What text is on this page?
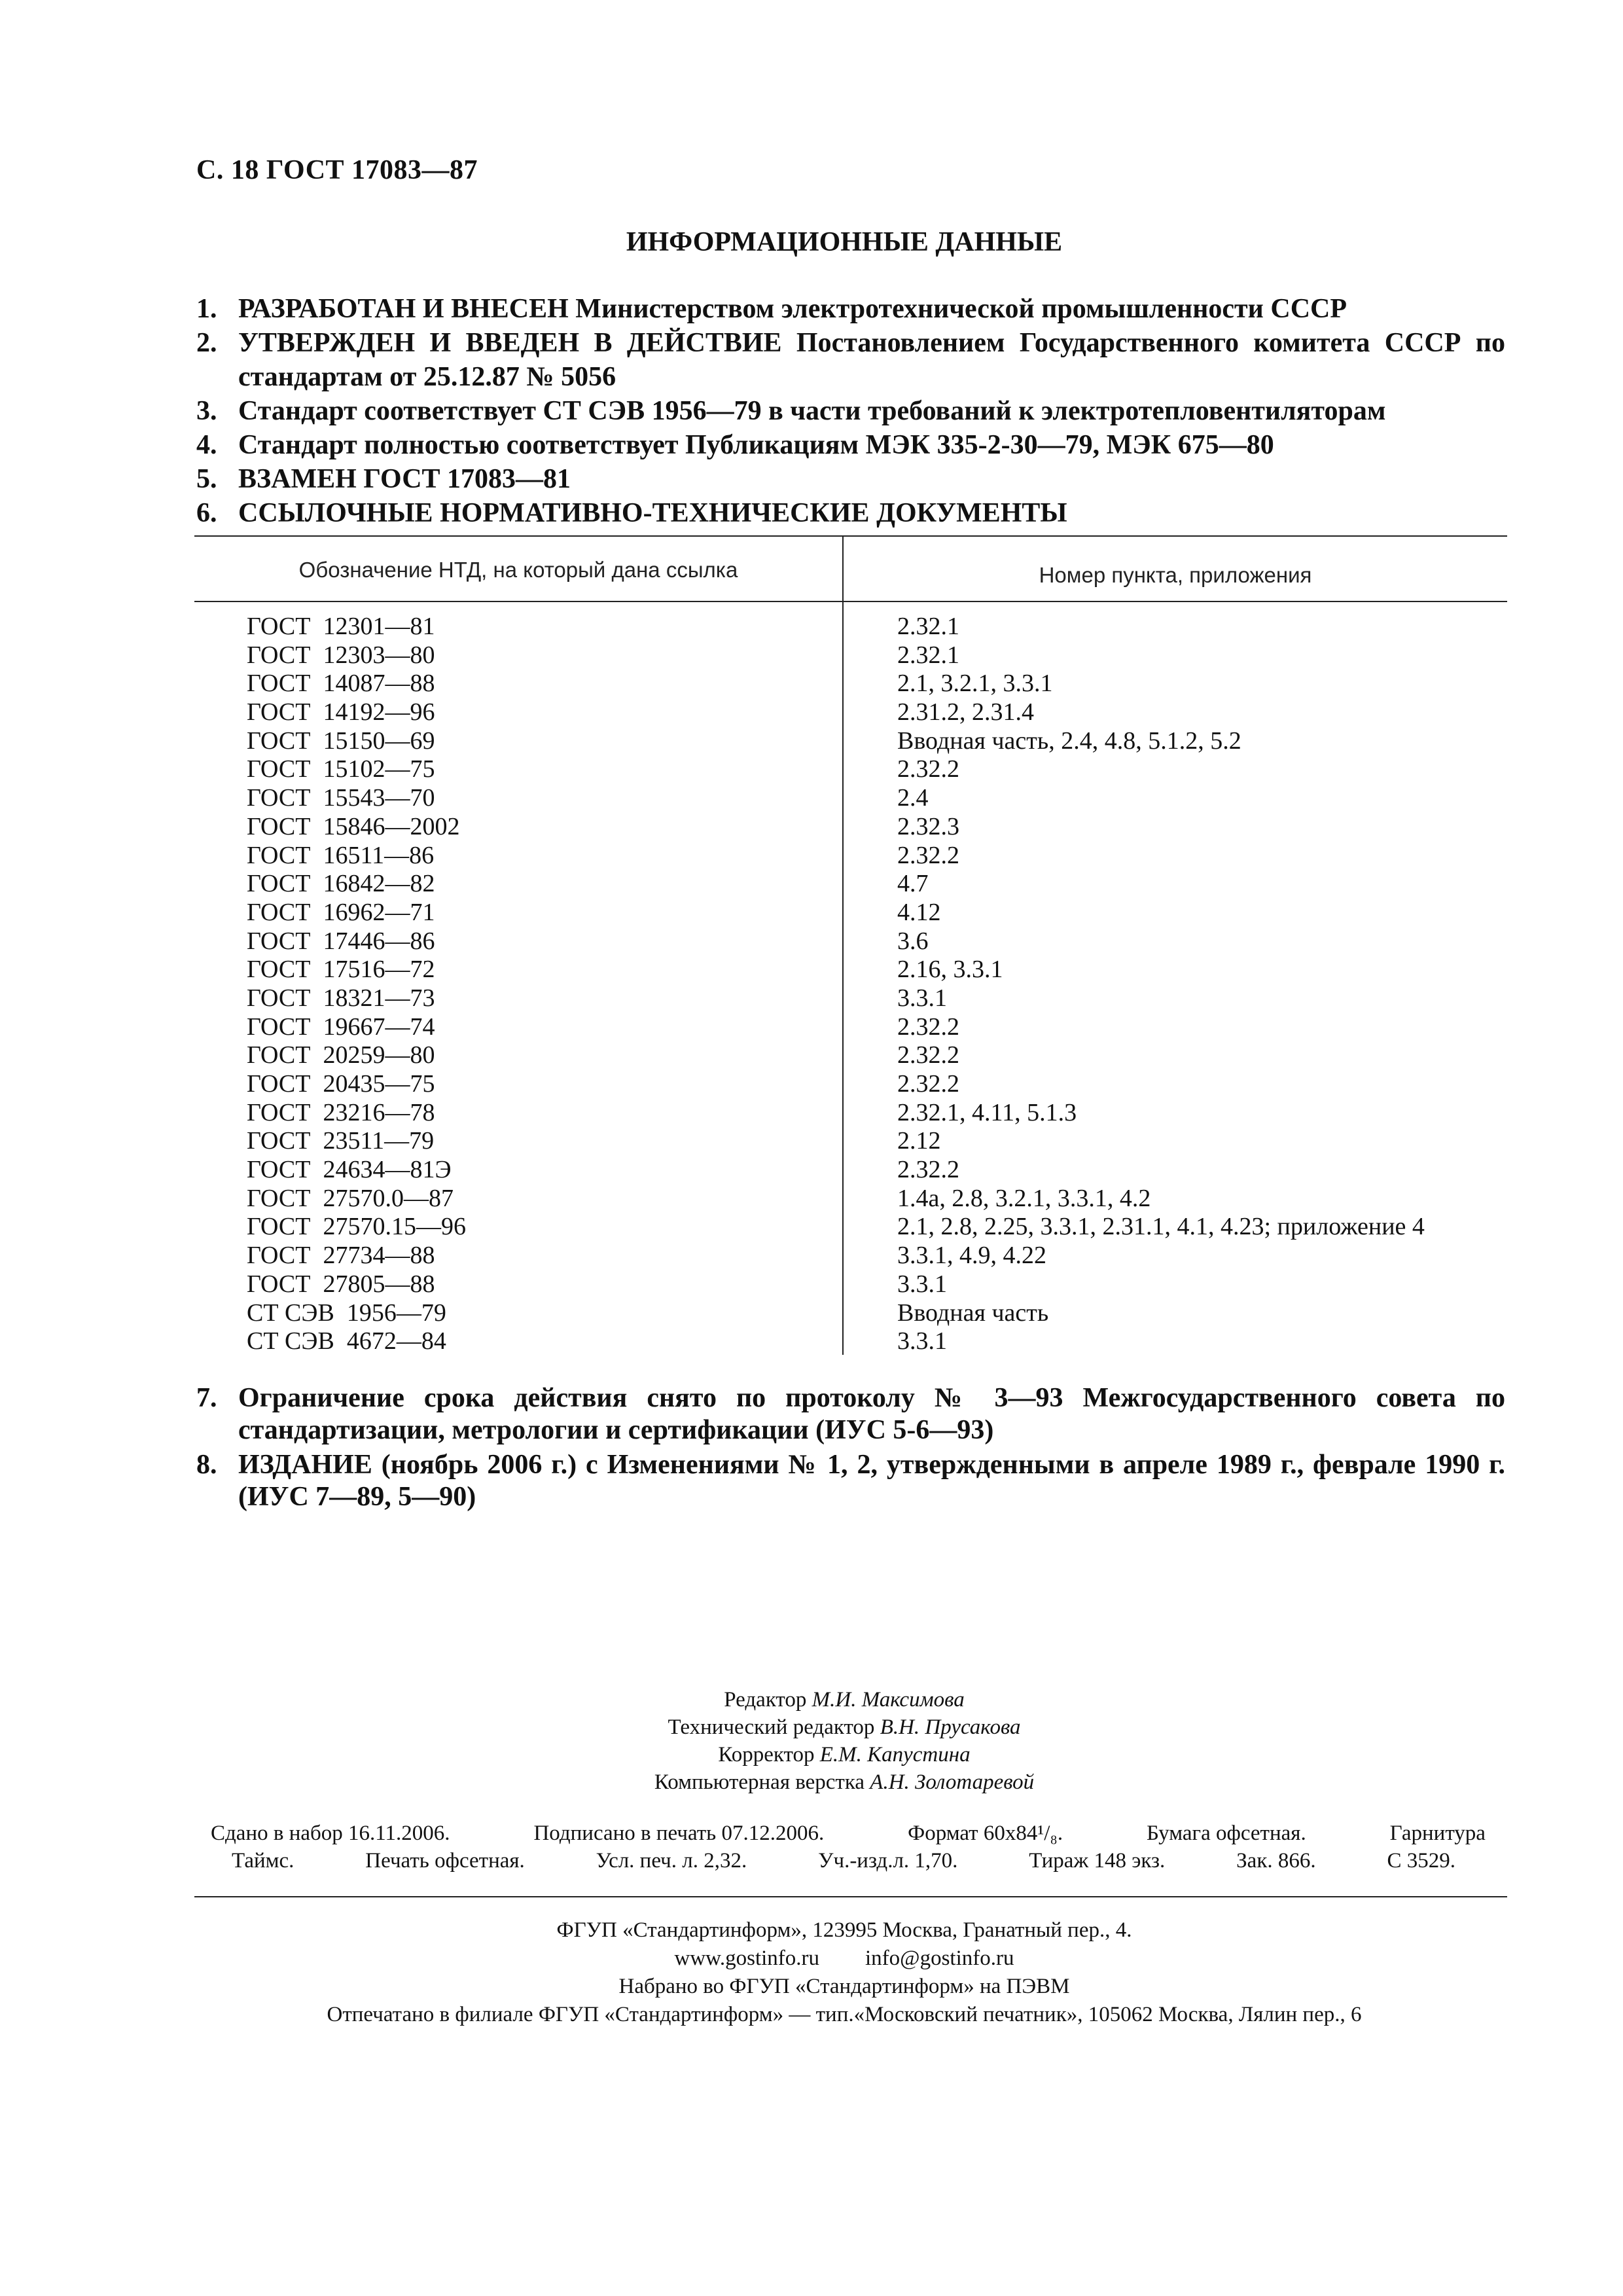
С. 18 ГОСТ 17083—87
ИНФОРМАЦИОННЫЕ ДАННЫЕ
1. РАЗРАБОТАН И ВНЕСЕН Министерством электротехнической промышленности СССР
2. УТВЕРЖДЕН И ВВЕДЕН В ДЕЙСТВИЕ Постановлением Государственного комитета СССР по стандартам от 25.12.87 № 5056
3. Стандарт соответствует СТ СЭВ 1956—79 в части требований к электротепловентиляторам
4. Стандарт полностью соответствует Публикациям МЭК 335-2-30—79, МЭК 675—80
5. ВЗАМЕН ГОСТ 17083—81
6. ССЫЛОЧНЫЕ НОРМАТИВНО-ТЕХНИЧЕСКИЕ ДОКУМЕНТЫ
Обозначение НТД, на который дана ссылка	Номер пункта, приложения
ГОСТ  12301—81	2.32.1
ГОСТ  12303—80	2.32.1
ГОСТ  14087—88	2.1, 3.2.1, 3.3.1
ГОСТ  14192—96	2.31.2, 2.31.4
ГОСТ  15150—69	Вводная часть, 2.4, 4.8, 5.1.2, 5.2
ГОСТ  15102—75	2.32.2
ГОСТ  15543—70	2.4
ГОСТ  15846—2002	2.32.3
ГОСТ  16511—86	2.32.2
ГОСТ  16842—82	4.7
ГОСТ  16962—71	4.12
ГОСТ  17446—86	3.6
ГОСТ  17516—72	2.16, 3.3.1
ГОСТ  18321—73	3.3.1
ГОСТ  19667—74	2.32.2
ГОСТ  20259—80	2.32.2
ГОСТ  20435—75	2.32.2
ГОСТ  23216—78	2.32.1, 4.11, 5.1.3
ГОСТ  23511—79	2.12
ГОСТ  24634—81Э	2.32.2
ГОСТ  27570.0—87	1.4а, 2.8, 3.2.1, 3.3.1, 4.2
ГОСТ  27570.15—96	2.1, 2.8, 2.25, 3.3.1, 2.31.1, 4.1, 4.23; приложение 4
ГОСТ  27734—88	3.3.1, 4.9, 4.22
ГОСТ  27805—88	3.3.1
СТ СЭВ  1956—79	Вводная часть
СТ СЭВ  4672—84	3.3.1
7. Ограничение срока действия снято по протоколу № 3—93 Межгосударственного совета по стандартизации, метрологии и сертификации (ИУС 5-6—93)
8. ИЗДАНИЕ (ноябрь 2006 г.) с Изменениями № 1, 2, утвержденными в апреле 1989 г., феврале 1990 г. (ИУС 7—89, 5—90)
Редактор М.И. Максимова
Технический редактор В.Н. Прусакова
Корректор Е.М. Капустина
Компьютерная верстка А.Н. Золотаревой
Сдано в набор 16.11.2006.	Подписано в печать 07.12.2006.	Формат 60х84¹/₈.	Бумага офсетная.	Гарнитура
Таймс.	Печать офсетная.	Усл. печ. л. 2,32.	Уч.-изд.л. 1,70.	Тираж 148 экз.	Зак. 866.	С 3529.
ФГУП «Стандартинформ», 123995 Москва, Гранатный пер., 4.
www.gostinfo.ru info@gostinfo.ru
Набрано во ФГУП «Стандартинформ» на ПЭВМ
Отпечатано в филиале ФГУП «Стандартинформ» — тип.«Московский печатник», 105062 Москва, Лялин пер., 6
